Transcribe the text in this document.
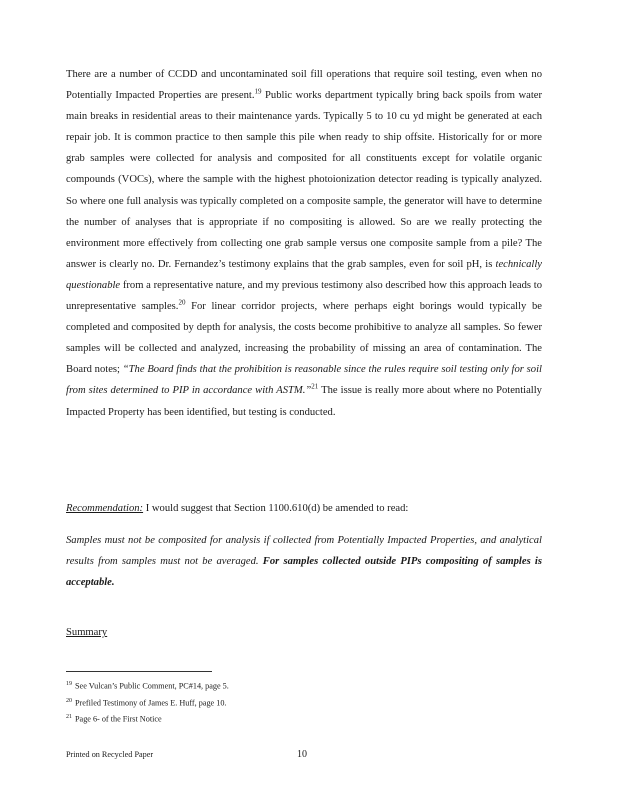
There are a number of CCDD and uncontaminated soil fill operations that require soil testing, even when no Potentially Impacted Properties are present.$^{19}$ Public works department typically bring back spoils from water main breaks in residential areas to their maintenance yards. Typically 5 to 10 cu yd might be generated at each repair job. It is common practice to then sample this pile when ready to ship offsite. Historically for or more grab samples were collected for analysis and composited for all constituents except for volatile organic compounds (VOCs), where the sample with the highest photoionization detector reading is typically analyzed. So where one full analysis was typically completed on a composite sample, the generator will have to determine the number of analyses that is appropriate if no compositing is allowed. So are we really protecting the environment more effectively from collecting one grab sample versus one composite sample from a pile? The answer is clearly no. Dr. Fernandez’s testimony explains that the grab samples, even for soil pH, is technically questionable from a representative nature, and my previous testimony also described how this approach leads to unrepresentative samples.$^{20}$ For linear corridor projects, where perhaps eight borings would typically be completed and composited by depth for analysis, the costs become prohibitive to analyze all samples. So fewer samples will be collected and analyzed, increasing the probability of missing an area of contamination. The Board notes; “The Board finds that the prohibition is reasonable since the rules require soil testing only for soil from sites determined to PIP in accordance with ASTM.”$^{21}$ The issue is really more about where no Potentially Impacted Property has been identified, but testing is conducted.

Recommendation: I would suggest that Section 1100.610(d) be amended to read:

Samples must not be composited for analysis if collected from Potentially Impacted Properties, and analytical results from samples must not be averaged. For samples collected outside PIPs compositing of samples is acceptable.

Summary

$^{19}$ See Vulcan’s Public Comment, PC#14, page 5.

$^{20}$ Prefiled Testimony of James E. Huff, page 10.

$^{21}$ Page 6- of the First Notice

Printed on Recycled Paper	10
